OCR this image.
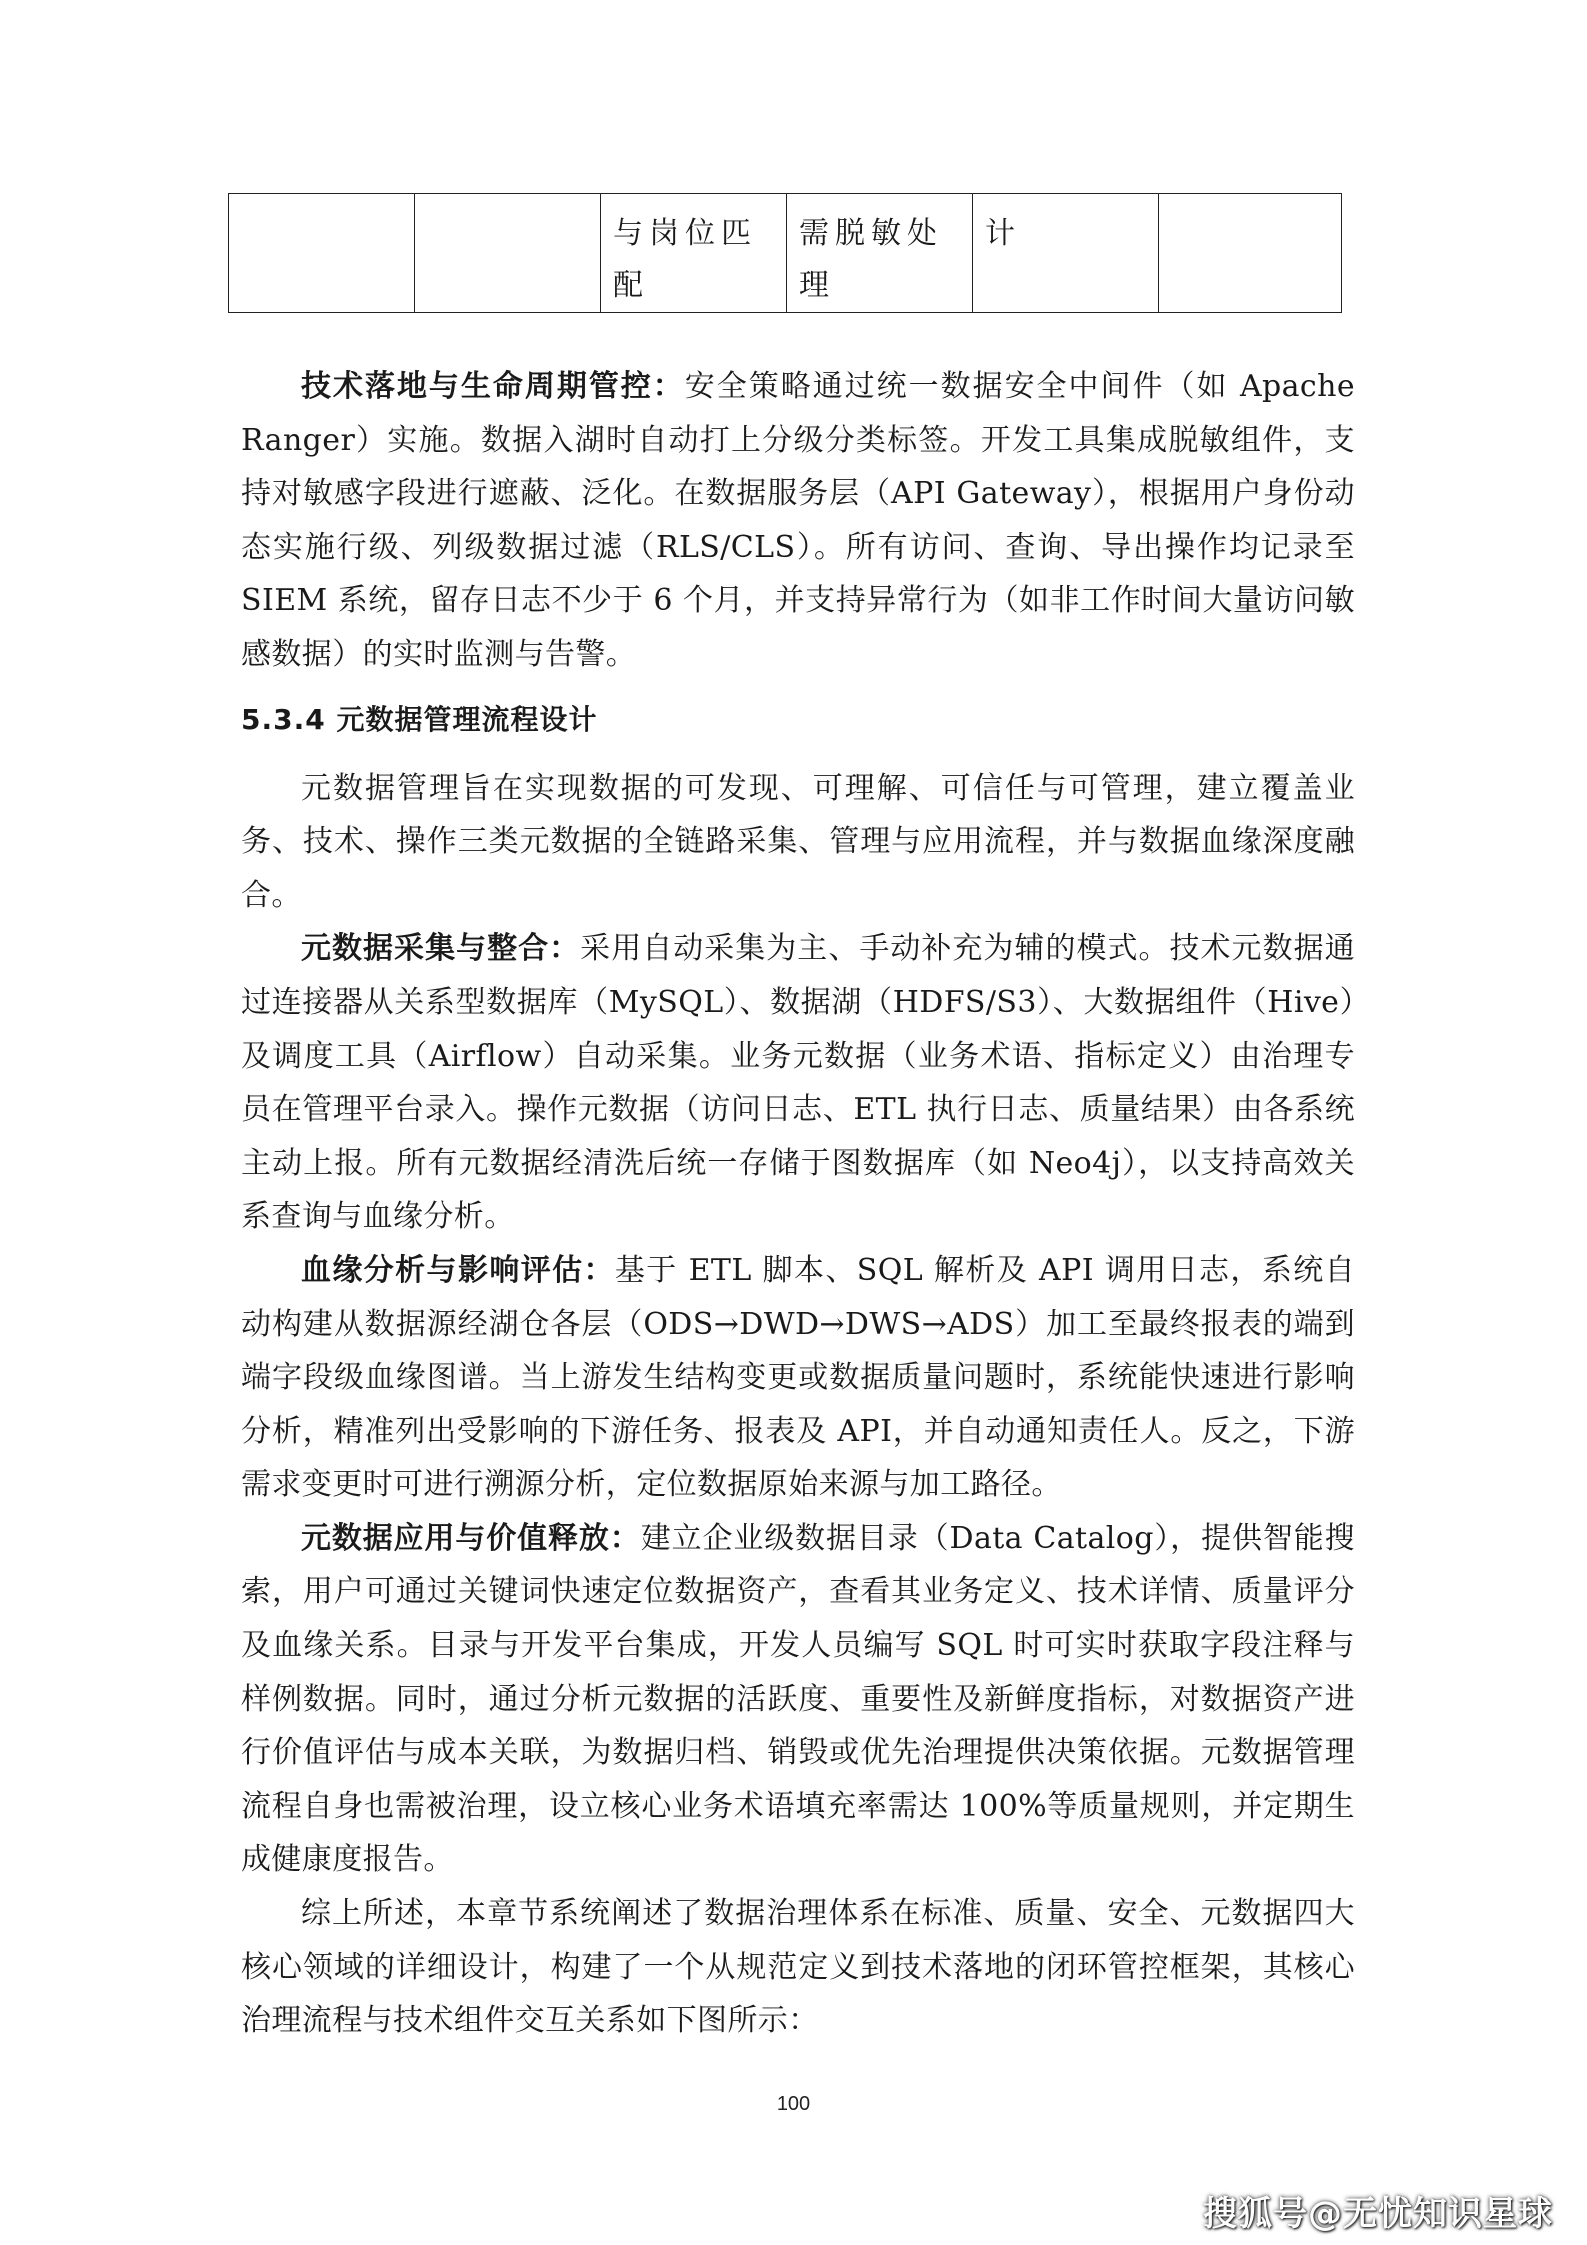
		与岗位匹配	需脱敏处理	计	

技术落地与生命周期管控：安全策略通过统一数据安全中间件（如 Apache Ranger）实施。数据入湖时自动打上分级分类标签。开发工具集成脱敏组件，支持对敏感字段进行遮蔽、泛化。在数据服务层（API Gateway），根据用户身份动态实施行级、列级数据过滤（RLS/CLS）。所有访问、查询、导出操作均记录至 SIEM 系统，留存日志不少于 6 个月，并支持异常行为（如非工作时间大量访问敏感数据）的实时监测与告警。

5.3.4 元数据管理流程设计

元数据管理旨在实现数据的可发现、可理解、可信任与可管理，建立覆盖业务、技术、操作三类元数据的全链路采集、管理与应用流程，并与数据血缘深度融合。

元数据采集与整合：采用自动采集为主、手动补充为辅的模式。技术元数据通过连接器从关系型数据库（MySQL）、数据湖（HDFS/S3）、大数据组件（Hive）及调度工具（Airflow）自动采集。业务元数据（业务术语、指标定义）由治理专员在管理平台录入。操作元数据（访问日志、ETL 执行日志、质量结果）由各系统主动上报。所有元数据经清洗后统一存储于图数据库（如 Neo4j），以支持高效关系查询与血缘分析。

血缘分析与影响评估：基于 ETL 脚本、SQL 解析及 API 调用日志，系统自动构建从数据源经湖仓各层（ODS→DWD→DWS→ADS）加工至最终报表的端到端字段级血缘图谱。当上游发生结构变更或数据质量问题时，系统能快速进行影响分析，精准列出受影响的下游任务、报表及 API，并自动通知责任人。反之，下游需求变更时可进行溯源分析，定位数据原始来源与加工路径。

元数据应用与价值释放：建立企业级数据目录（Data Catalog），提供智能搜索，用户可通过关键词快速定位数据资产，查看其业务定义、技术详情、质量评分及血缘关系。目录与开发平台集成，开发人员编写 SQL 时可实时获取字段注释与样例数据。同时，通过分析元数据的活跃度、重要性及新鲜度指标，对数据资产进行价值评估与成本关联，为数据归档、销毁或优先治理提供决策依据。元数据管理流程自身也需被治理，设立核心业务术语填充率需达 100%等质量规则，并定期生成健康度报告。

综上所述，本章节系统阐述了数据治理体系在标准、质量、安全、元数据四大核心领域的详细设计，构建了一个从规范定义到技术落地的闭环管控框架，其核心治理流程与技术组件交互关系如下图所示：

100
搜狐号@无忧知识星球
